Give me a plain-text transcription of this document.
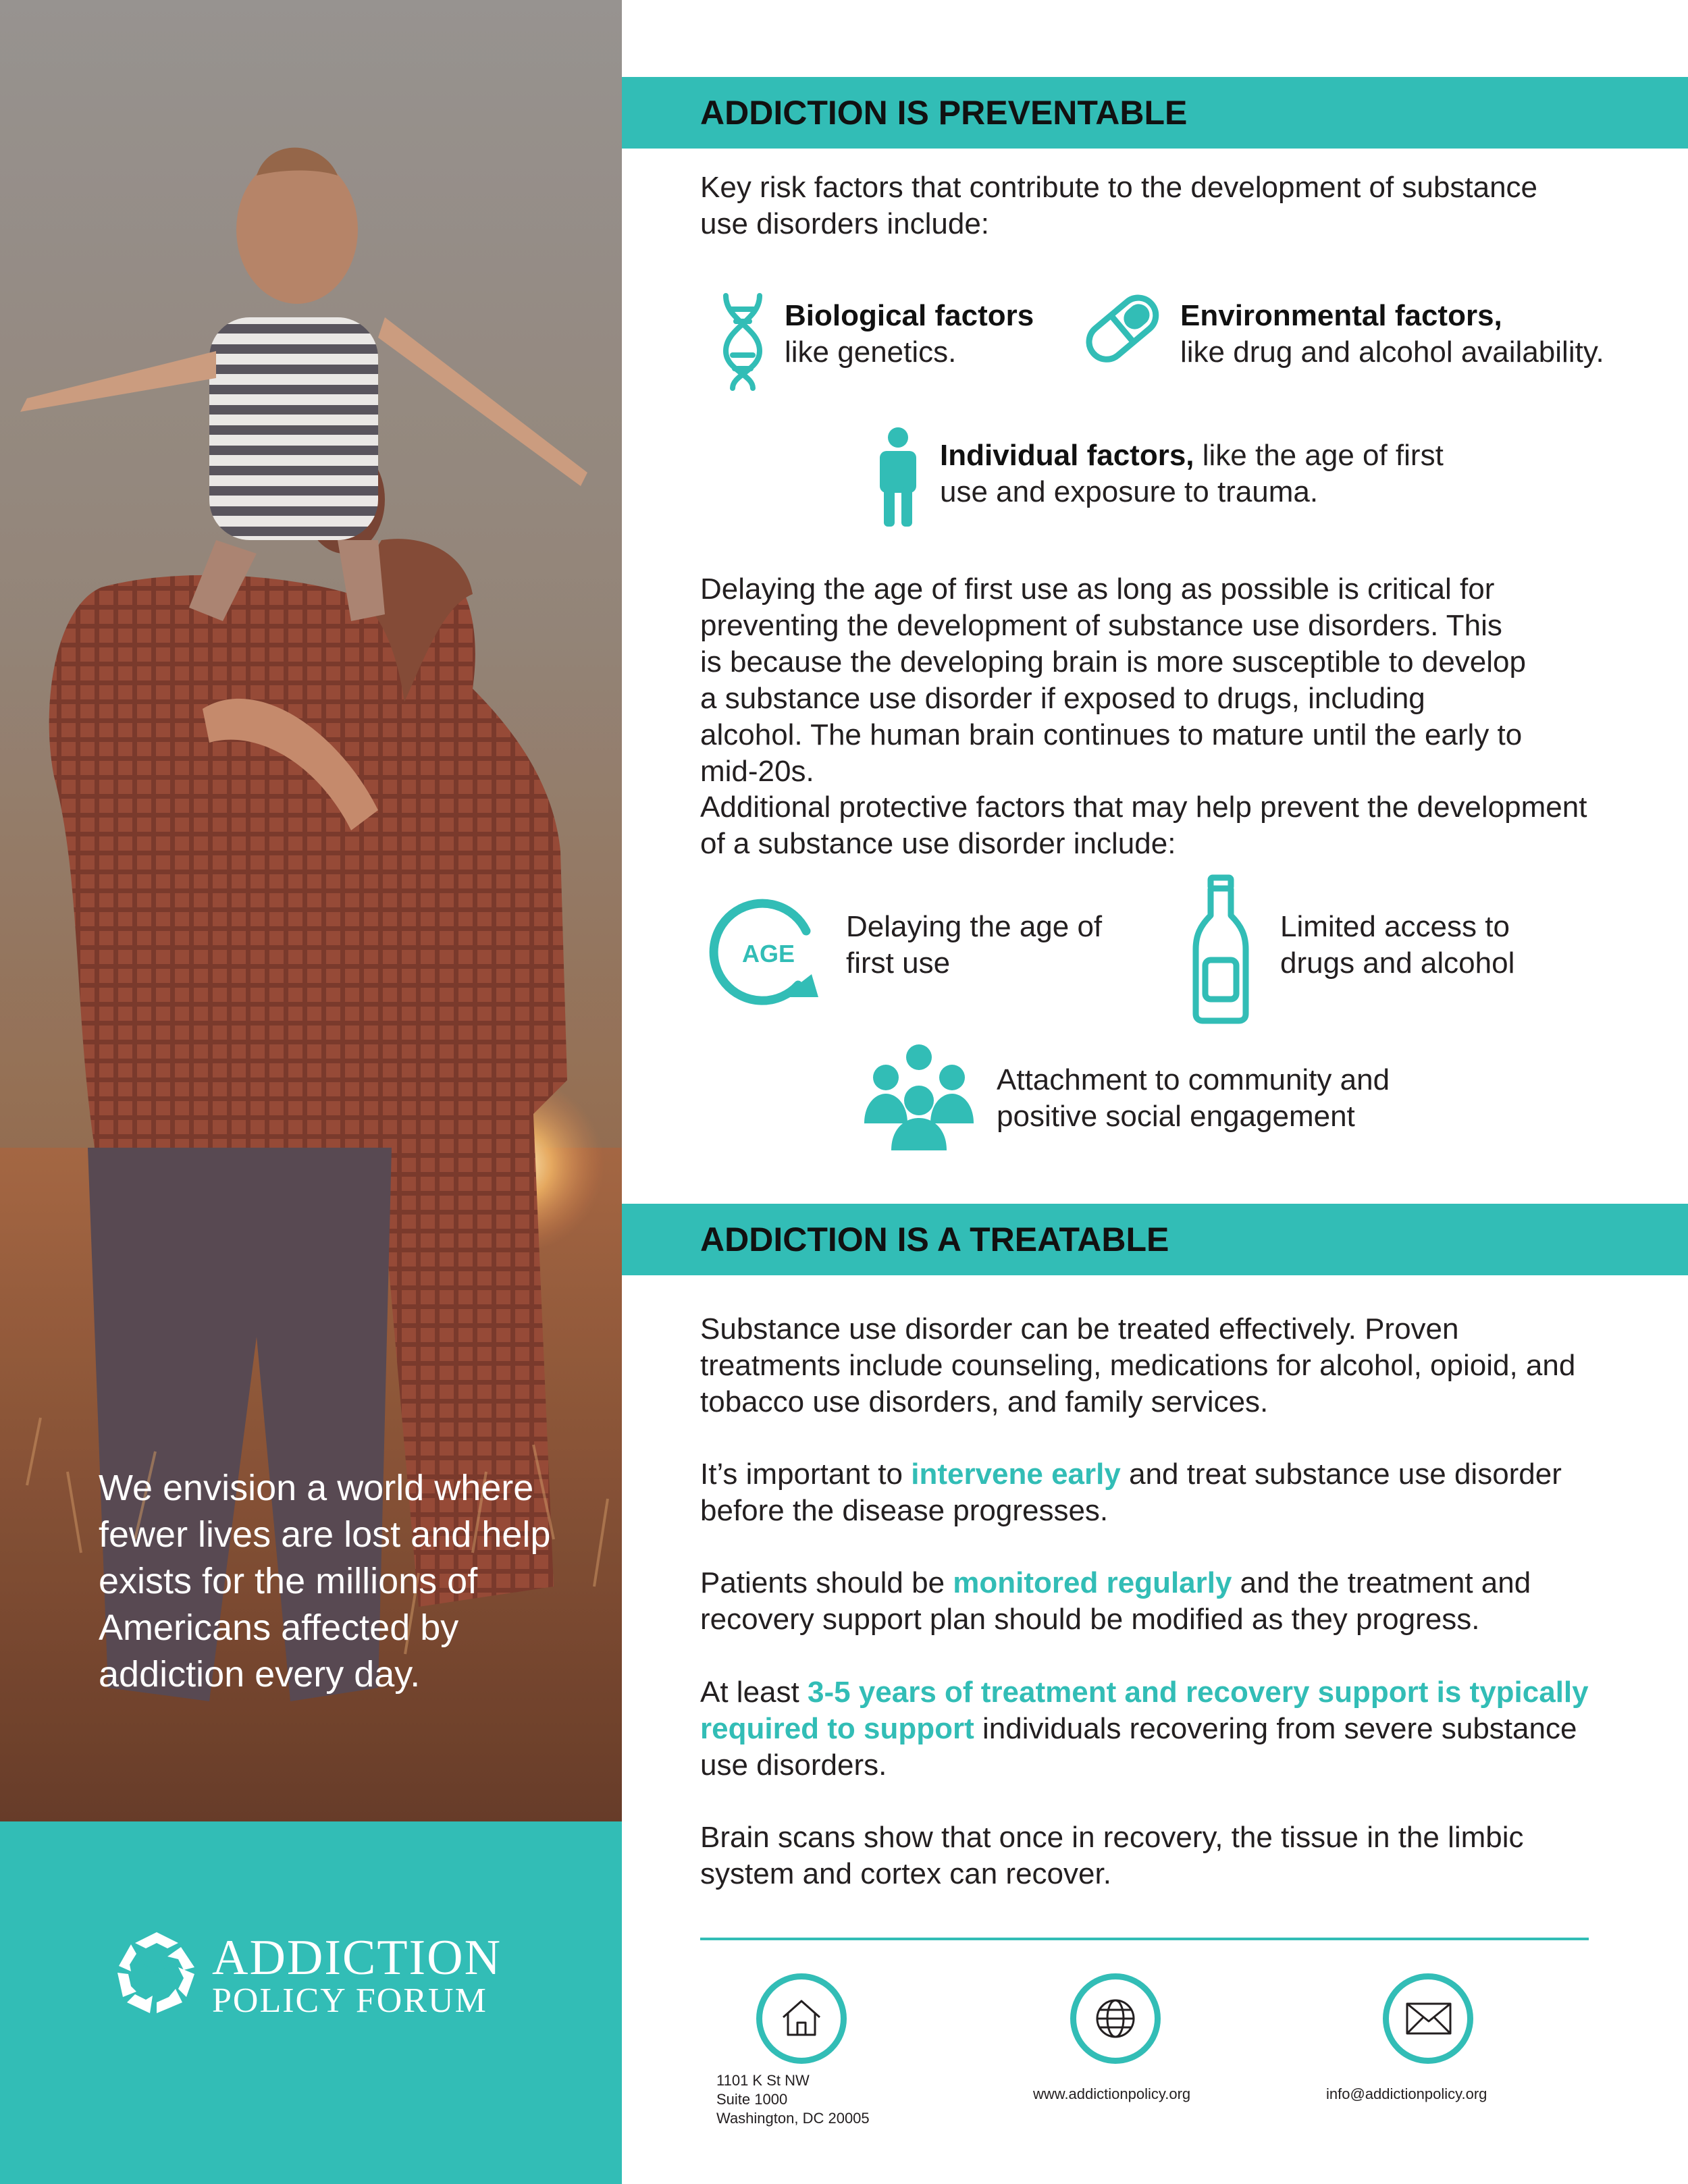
We envision a world where fewer lives are lost and help exists for the millions of Americans affected by addiction every day.

ADDICTION
POLICY FORUM
ADDICTION IS PREVENTABLE

Key risk factors that contribute to the development of substance use disorders include:

Biological factors
like genetics.
Environmental factors,
like drug and alcohol availability.
Individual factors, like the age of first use and exposure to trauma.

Delaying the age of first use as long as possible is critical for preventing the development of substance use disorders. This is because the developing brain is more susceptible to develop a substance use disorder if exposed to drugs, including alcohol. The human brain continues to mature until the early to mid-20s.

Additional protective factors that may help prevent the development of a substance use disorder include:

AGE
Delaying the age of first use
Limited access to drugs and alcohol
Attachment to community and positive social engagement
ADDICTION IS A TREATABLE

Substance use disorder can be treated effectively. Proven treatments include counseling, medications for alcohol, opioid, and tobacco use disorders, and family services.

It’s important to intervene early and treat substance use disorder before the disease progresses.

Patients should be monitored regularly and the treatment and recovery support plan should be modified as they progress.

At least 3-5 years of treatment and recovery support is typically required to support individuals recovering from severe substance use disorders.

Brain scans show that once in recovery, the tissue in the limbic system and cortex can recover.

1101 K St NW
Suite 1000
Washington, DC 20005
www.addictionpolicy.org	info@addictionpolicy.org
